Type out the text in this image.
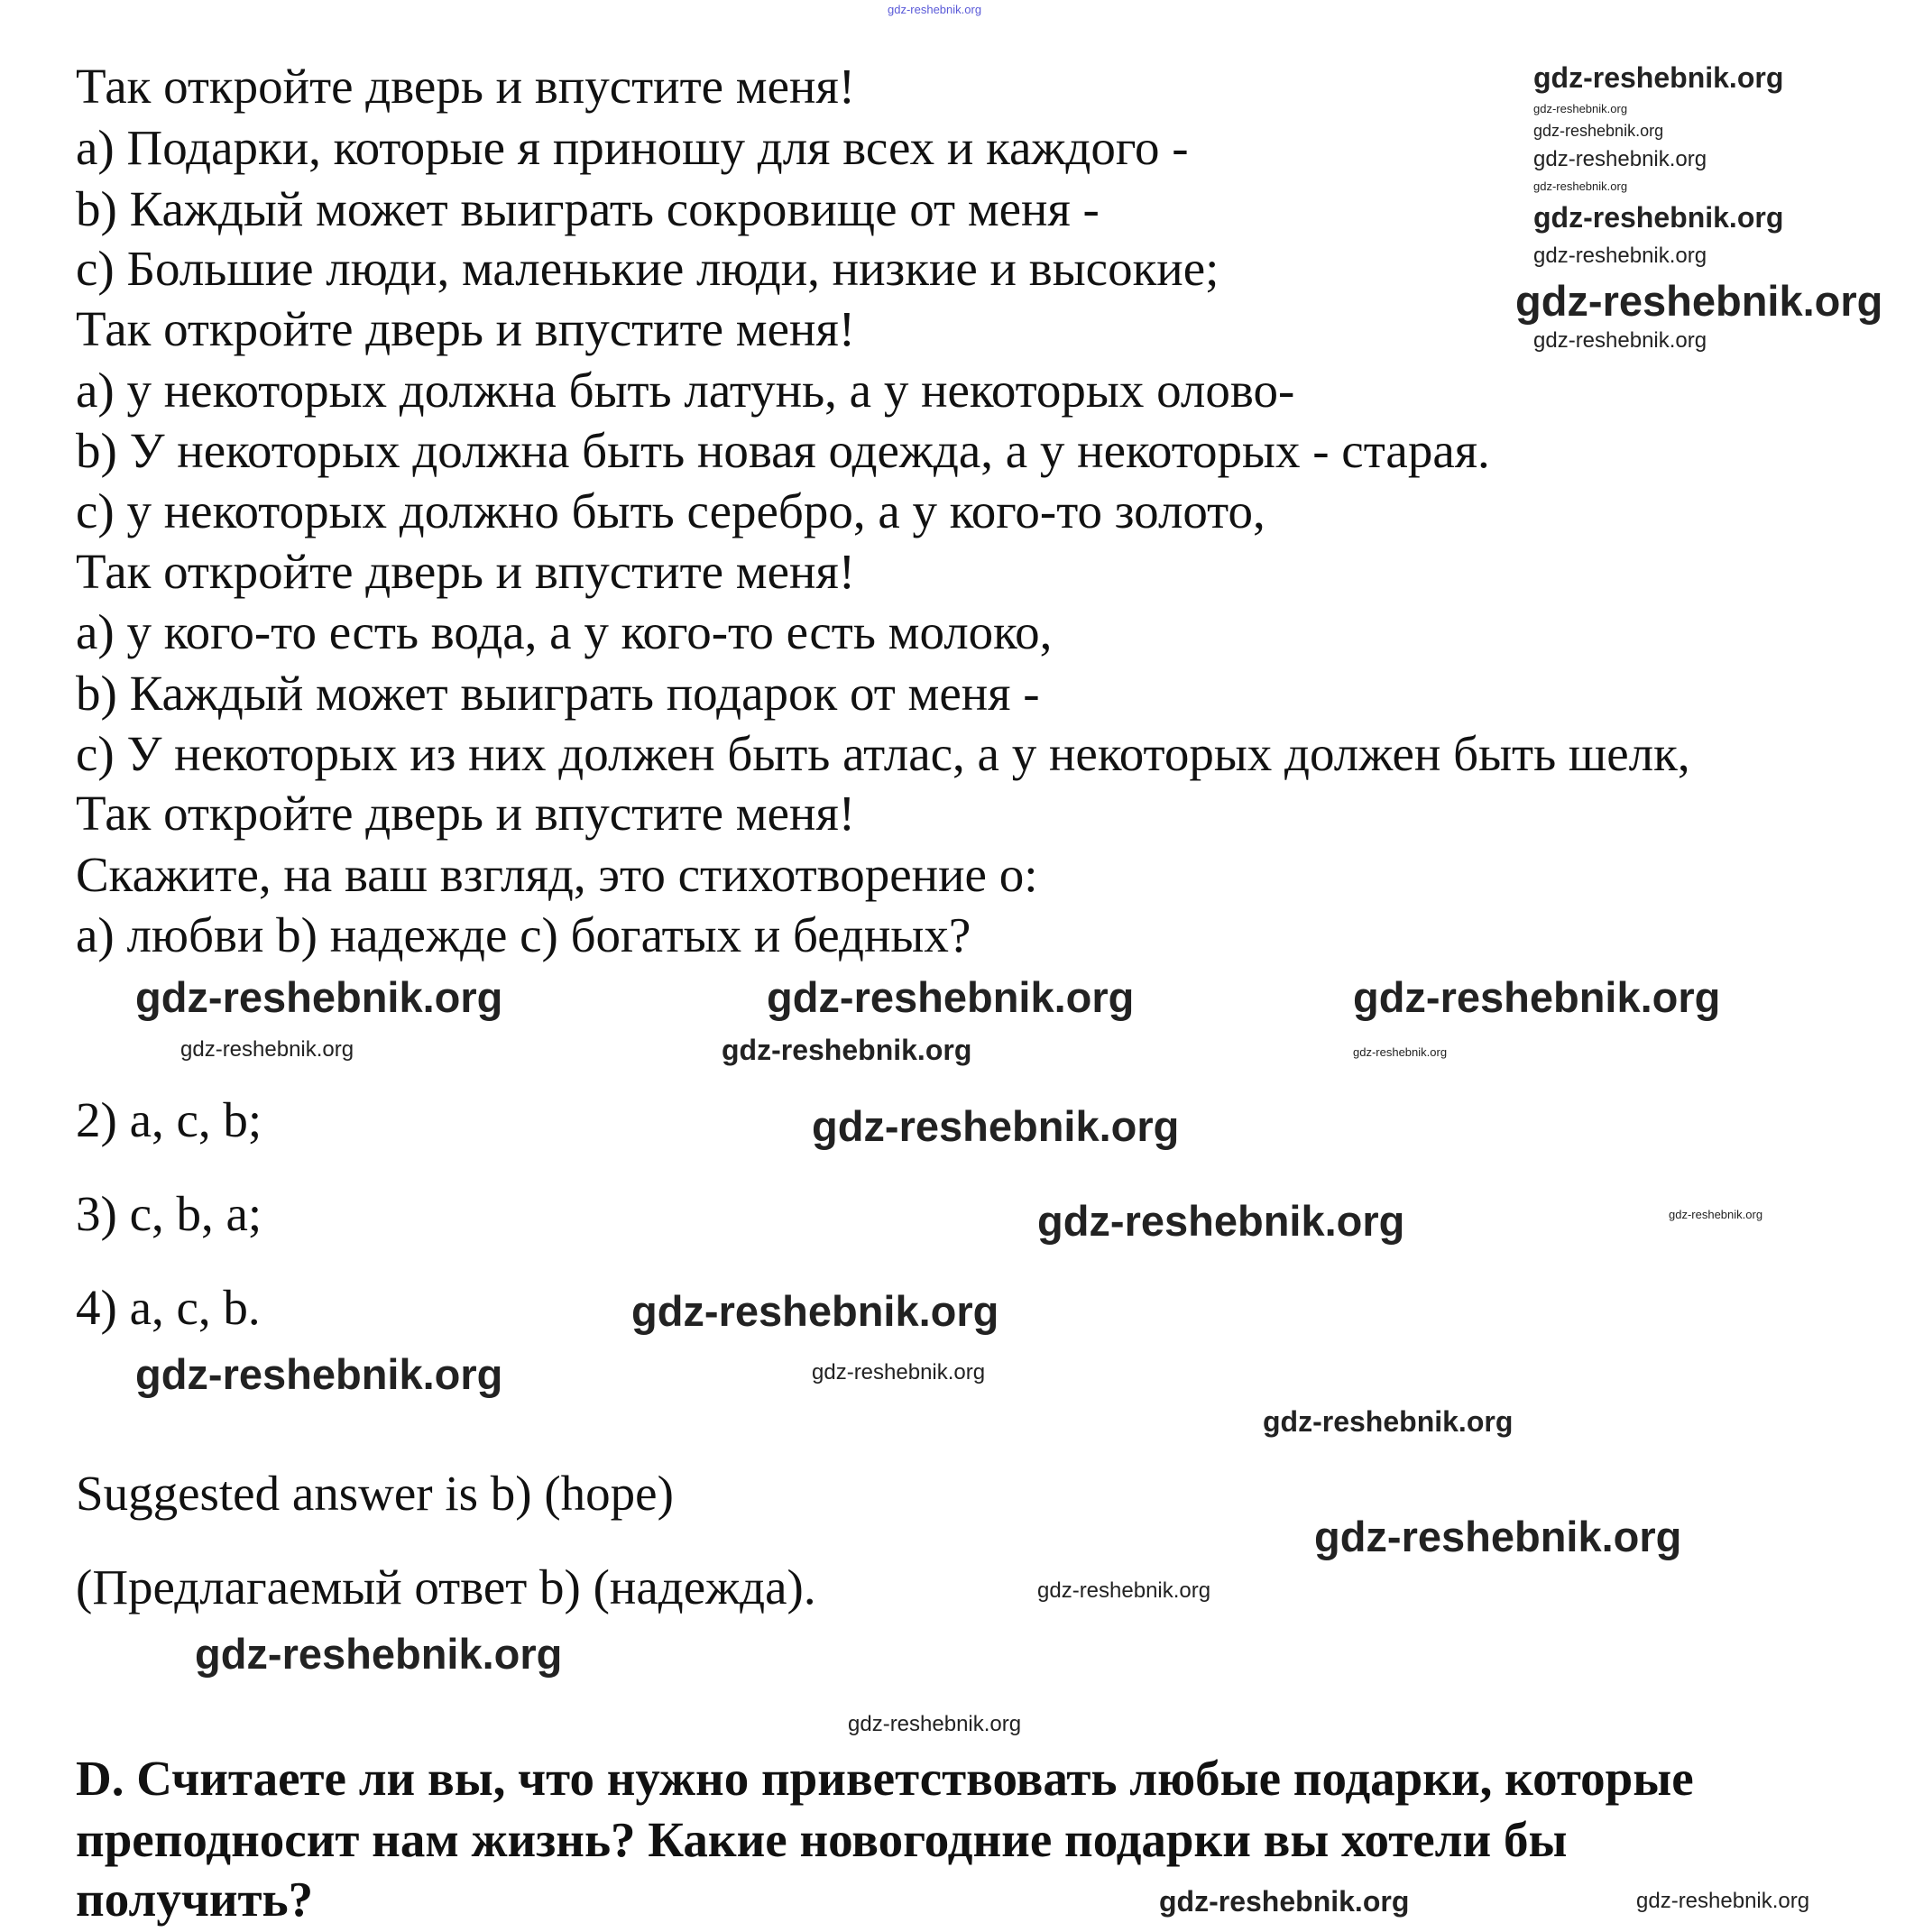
Так откройте дверь и впустите меня!
a) Подарки, которые я приношу для всех и каждого -
b) Каждый может выиграть сокровище от меня -
c) Большие люди, маленькие люди, низкие и высокие;
Так откройте дверь и впустите меня!
a) у некоторых должна быть латунь, а у некоторых олово-
b) У некоторых должна быть новая одежда, а у некоторых - старая.
c) у некоторых должно быть серебро, а у кого-то золото,
Так откройте дверь и впустите меня!
a) у кого-то есть вода, а у кого-то есть молоко,
b) Каждый может выиграть подарок от меня -
c) У некоторых из них должен быть атлас, а у некоторых должен быть шелк,
Так откройте дверь и впустите меня!
Скажите, на ваш взгляд, это стихотворение о:
a) любви b) надежде c) богатых и бедных?
2) a, c, b;
3) c, b, a;
4) a, c, b.
Suggested answer is b) (hope)
(Предлагаемый ответ b) (надежда).
D. Считаете ли вы, что нужно приветствовать любые подарки, которые
преподносит нам жизнь? Какие новогодние подарки вы хотели бы
получить?
gdz-reshebnik.org
gdz-reshebnik.org
gdz-reshebnik.org
gdz-reshebnik.org
gdz-reshebnik.org
gdz-reshebnik.org
gdz-reshebnik.org
gdz-reshebnik.org
gdz-reshebnik.org
gdz-reshebnik.org
gdz-reshebnik.org	gdz-reshebnik.org	gdz-reshebnik.org
gdz-reshebnik.org	gdz-reshebnik.org	gdz-reshebnik.org
gdz-reshebnik.org
gdz-reshebnik.org	gdz-reshebnik.org
gdz-reshebnik.org
gdz-reshebnik.org	gdz-reshebnik.org
gdz-reshebnik.org
gdz-reshebnik.org
gdz-reshebnik.org
gdz-reshebnik.org
gdz-reshebnik.org
gdz-reshebnik.org	gdz-reshebnik.org
